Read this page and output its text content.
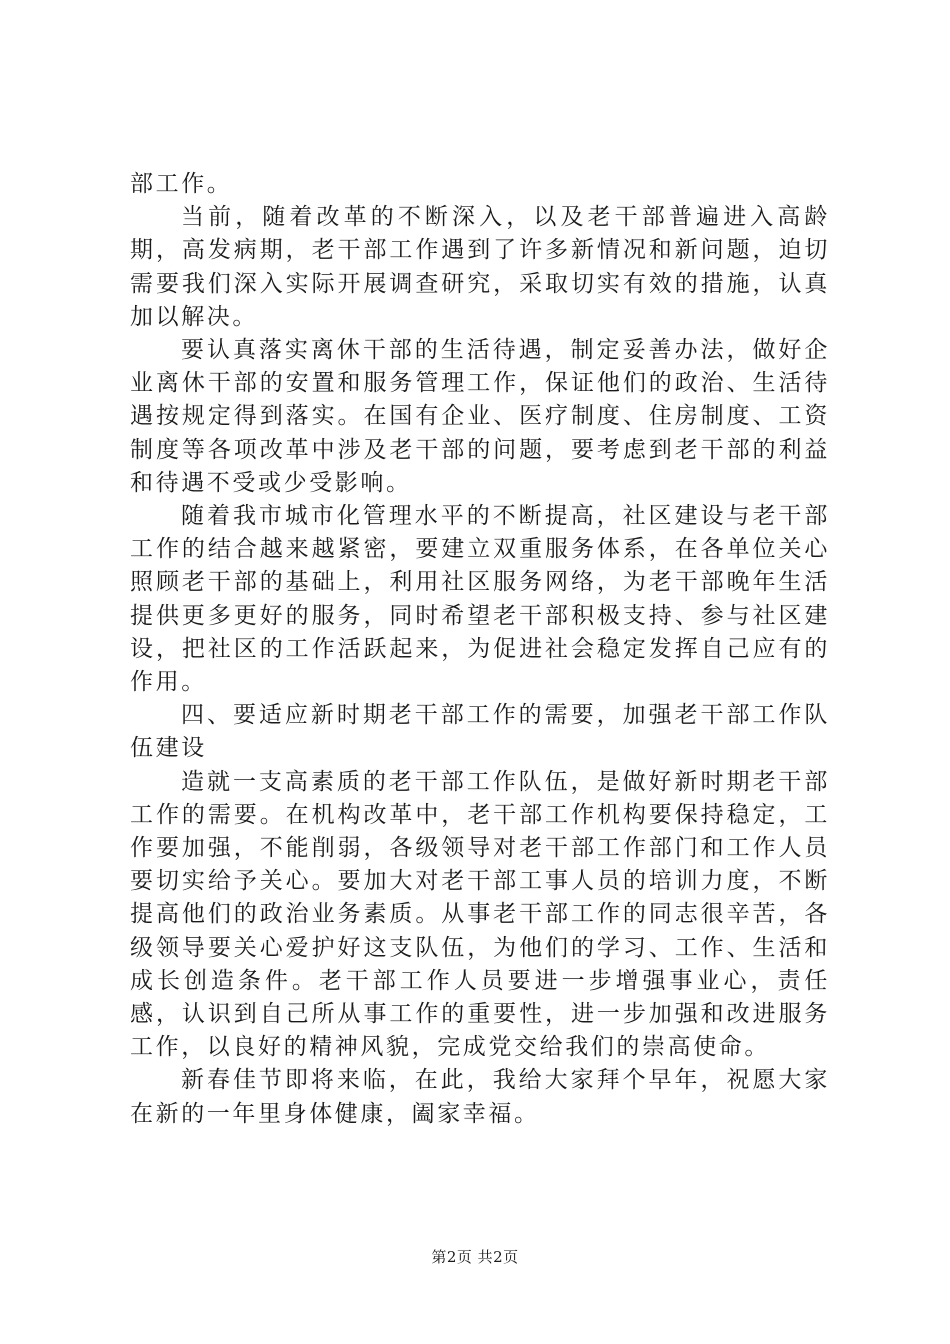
部工作。

当前，随着改革的不断深入，以及老干部普遍进入高龄期，高发病期，老干部工作遇到了许多新情况和新问题，迫切需要我们深入实际开展调查研究，采取切实有效的措施，认真加以解决。

要认真落实离休干部的生活待遇，制定妥善办法，做好企业离休干部的安置和服务管理工作，保证他们的政治、生活待遇按规定得到落实。在国有企业、医疗制度、住房制度、工资制度等各项改革中涉及老干部的问题，要考虑到老干部的利益和待遇不受或少受影响。

随着我市城市化管理水平的不断提高，社区建设与老干部工作的结合越来越紧密，要建立双重服务体系，在各单位关心照顾老干部的基础上，利用社区服务网络，为老干部晚年生活提供更多更好的服务，同时希望老干部积极支持、参与社区建设，把社区的工作活跃起来，为促进社会稳定发挥自己应有的作用。

四、要适应新时期老干部工作的需要，加强老干部工作队伍建设

造就一支高素质的老干部工作队伍，是做好新时期老干部工作的需要。在机构改革中，老干部工作机构要保持稳定，工作要加强，不能削弱，各级领导对老干部工作部门和工作人员要切实给予关心。要加大对老干部工事人员的培训力度，不断提高他们的政治业务素质。从事老干部工作的同志很辛苦，各级领导要关心爱护好这支队伍，为他们的学习、工作、生活和成长创造条件。老干部工作人员要进一步增强事业心，责任感，认识到自己所从事工作的重要性，进一步加强和改进服务工作，以良好的精神风貌，完成党交给我们的崇高使命。

新春佳节即将来临，在此，我给大家拜个早年，祝愿大家在新的一年里身体健康，阖家幸福。

第2页 共2页
